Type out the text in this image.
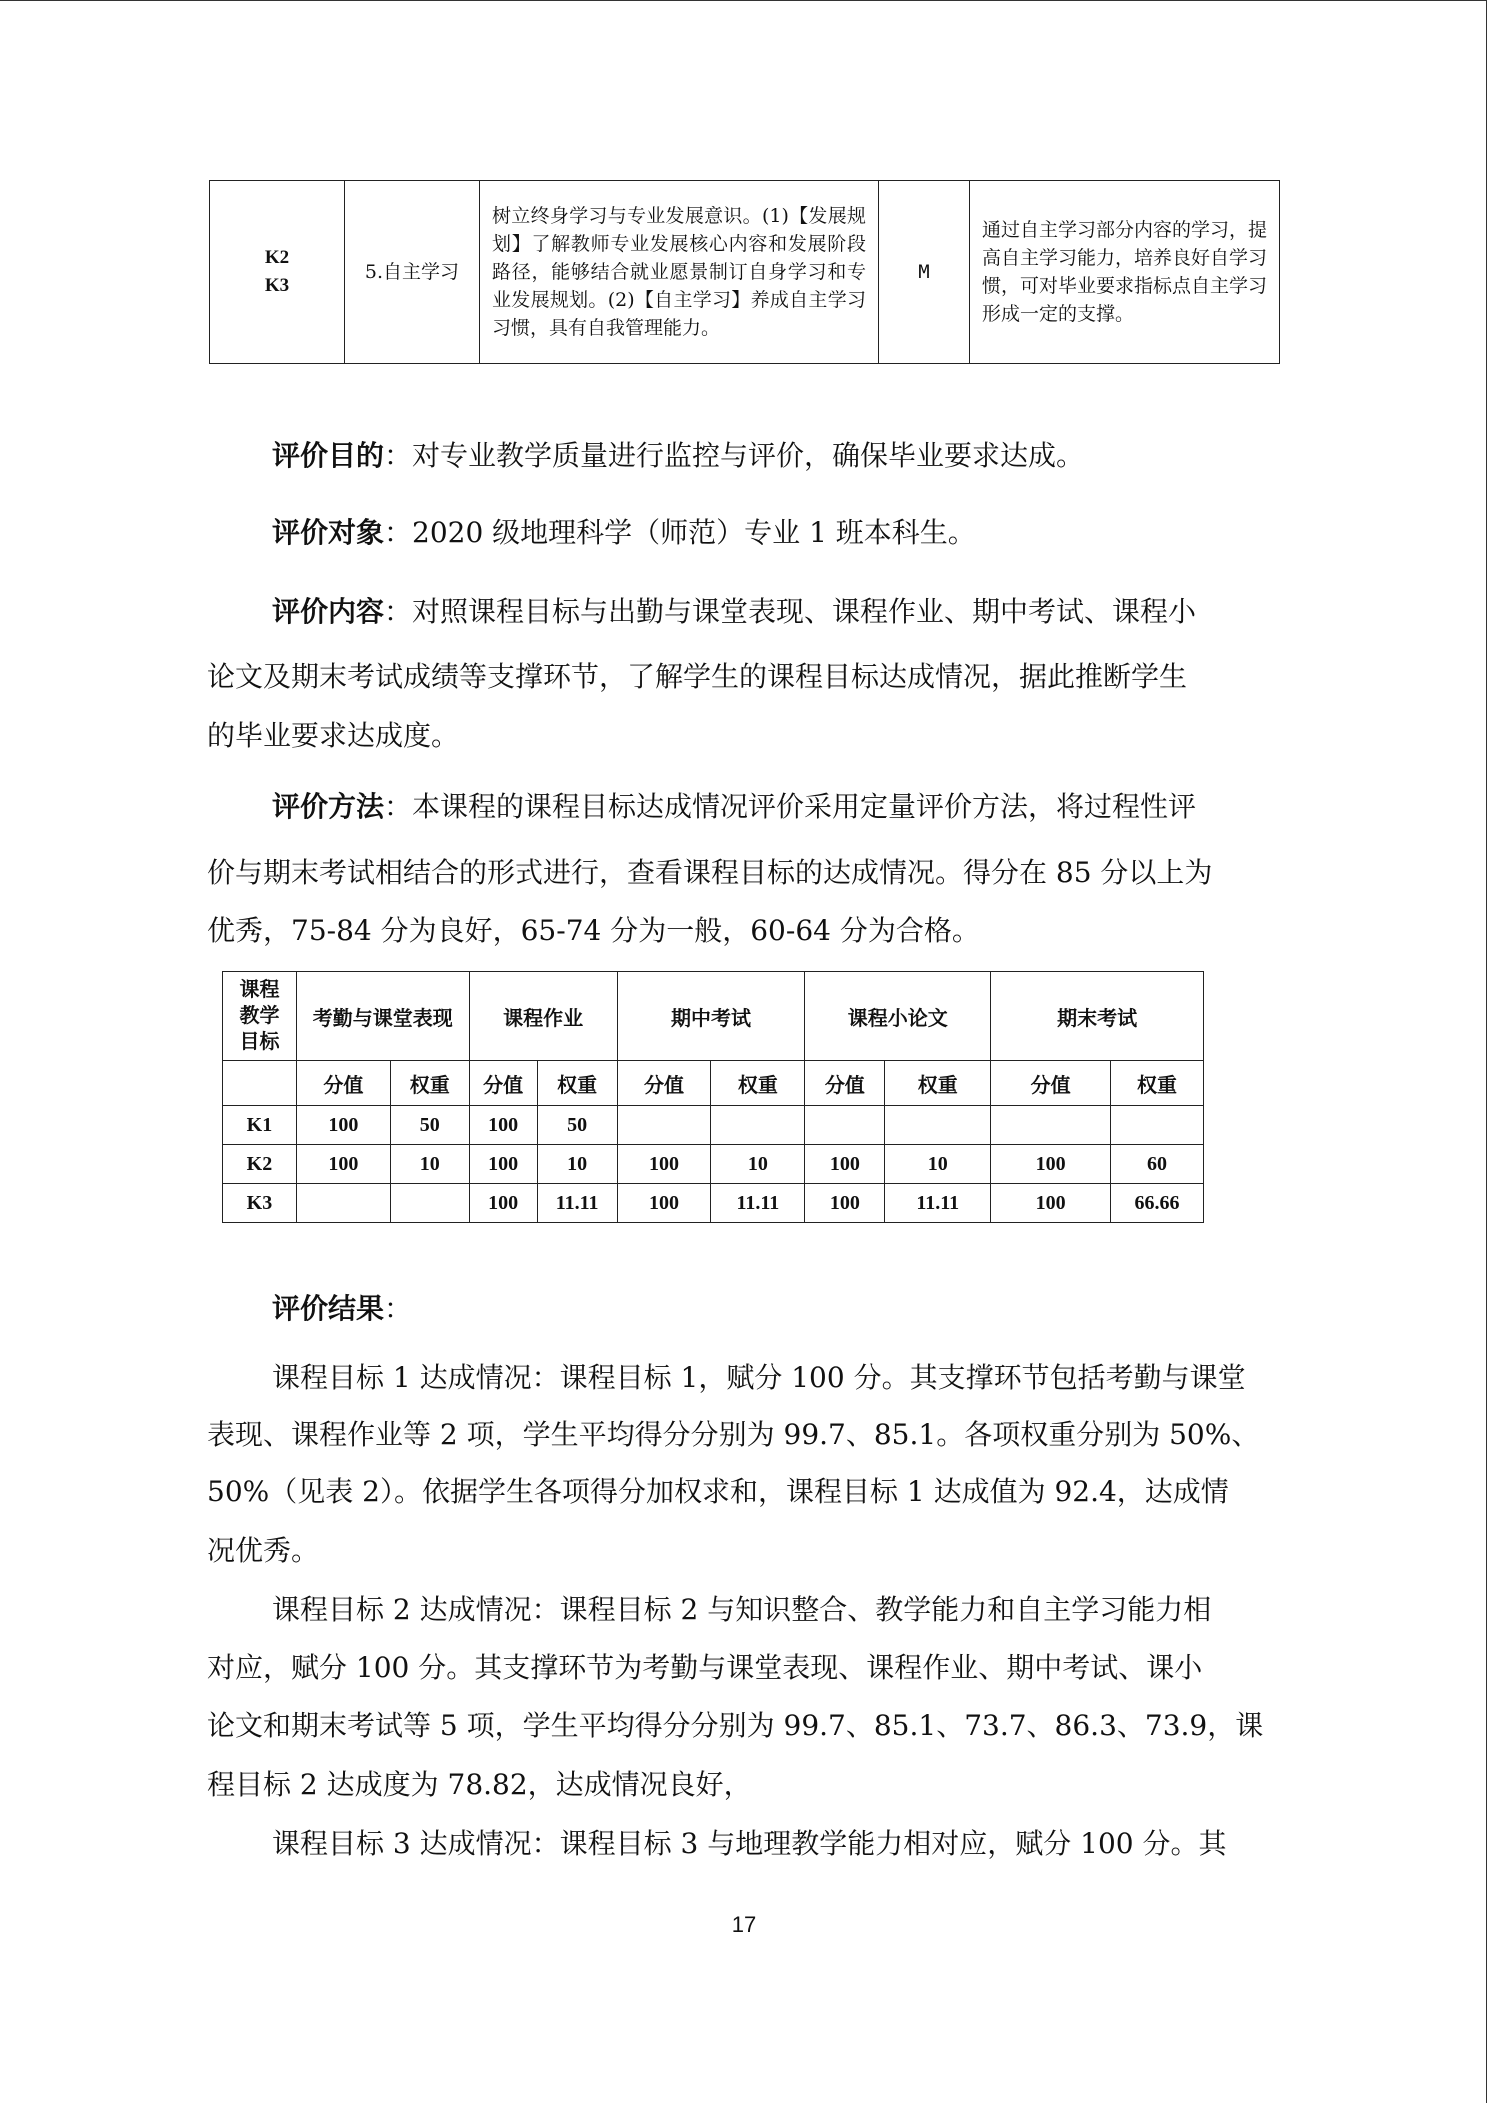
K2
K3
	5.自主学习	树立终身学习与专业发展意识。(1)【发展规划】了解教师专业发展核心内容和发展阶段路径，能够结合就业愿景制订自身学习和专业发展规划。(2)【自主学习】养成自主学习习惯，具有自我管理能力。	M	通过自主学习部分内容的学习，提高自主学习能力，培养良好自学习惯，可对毕业要求指标点自主学习形成一定的支撑。
评价目的：对专业教学质量进行监控与评价，确保毕业要求达成。
评价对象：2020 级地理科学（师范）专业 1 班本科生。
评价内容：对照课程目标与出勤与课堂表现、课程作业、期中考试、课程小
论文及期末考试成绩等支撑环节，了解学生的课程目标达成情况，据此推断学生
的毕业要求达成度。
评价方法：本课程的课程目标达成情况评价采用定量评价方法，将过程性评
价与期末考试相结合的形式进行，查看课程目标的达成情况。得分在 85 分以上为
优秀，75-84 分为良好，65-74 分为一般，60-64 分为合格。
课程
教学
目标	考勤与课堂表现		课程作业		期中考试		课程小论文		期末考试	
	分值	权重	分值	权重	分值	权重	分值	权重	分值	权重
K1	100	50	100	50						
K2	100	10	100	10	100	10	100	10	100	60
K3			100	11.11	100	11.11	100	11.11	100	66.66
评价结果：
课程目标 1 达成情况：课程目标 1，赋分 100 分。其支撑环节包括考勤与课堂
表现、课程作业等 2 项，学生平均得分分别为 99.7、85.1。各项权重分别为 50%、
50%（见表 2）。依据学生各项得分加权求和，课程目标 1 达成值为 92.4，达成情
况优秀。
课程目标 2 达成情况：课程目标 2 与知识整合、教学能力和自主学习能力相
对应，赋分 100 分。其支撑环节为考勤与课堂表现、课程作业、期中考试、课小
论文和期末考试等 5 项，学生平均得分分别为 99.7、85.1、73.7、86.3、73.9，课
程目标 2 达成度为 78.82，达成情况良好，
课程目标 3 达成情况：课程目标 3 与地理教学能力相对应，赋分 100 分。其
17
